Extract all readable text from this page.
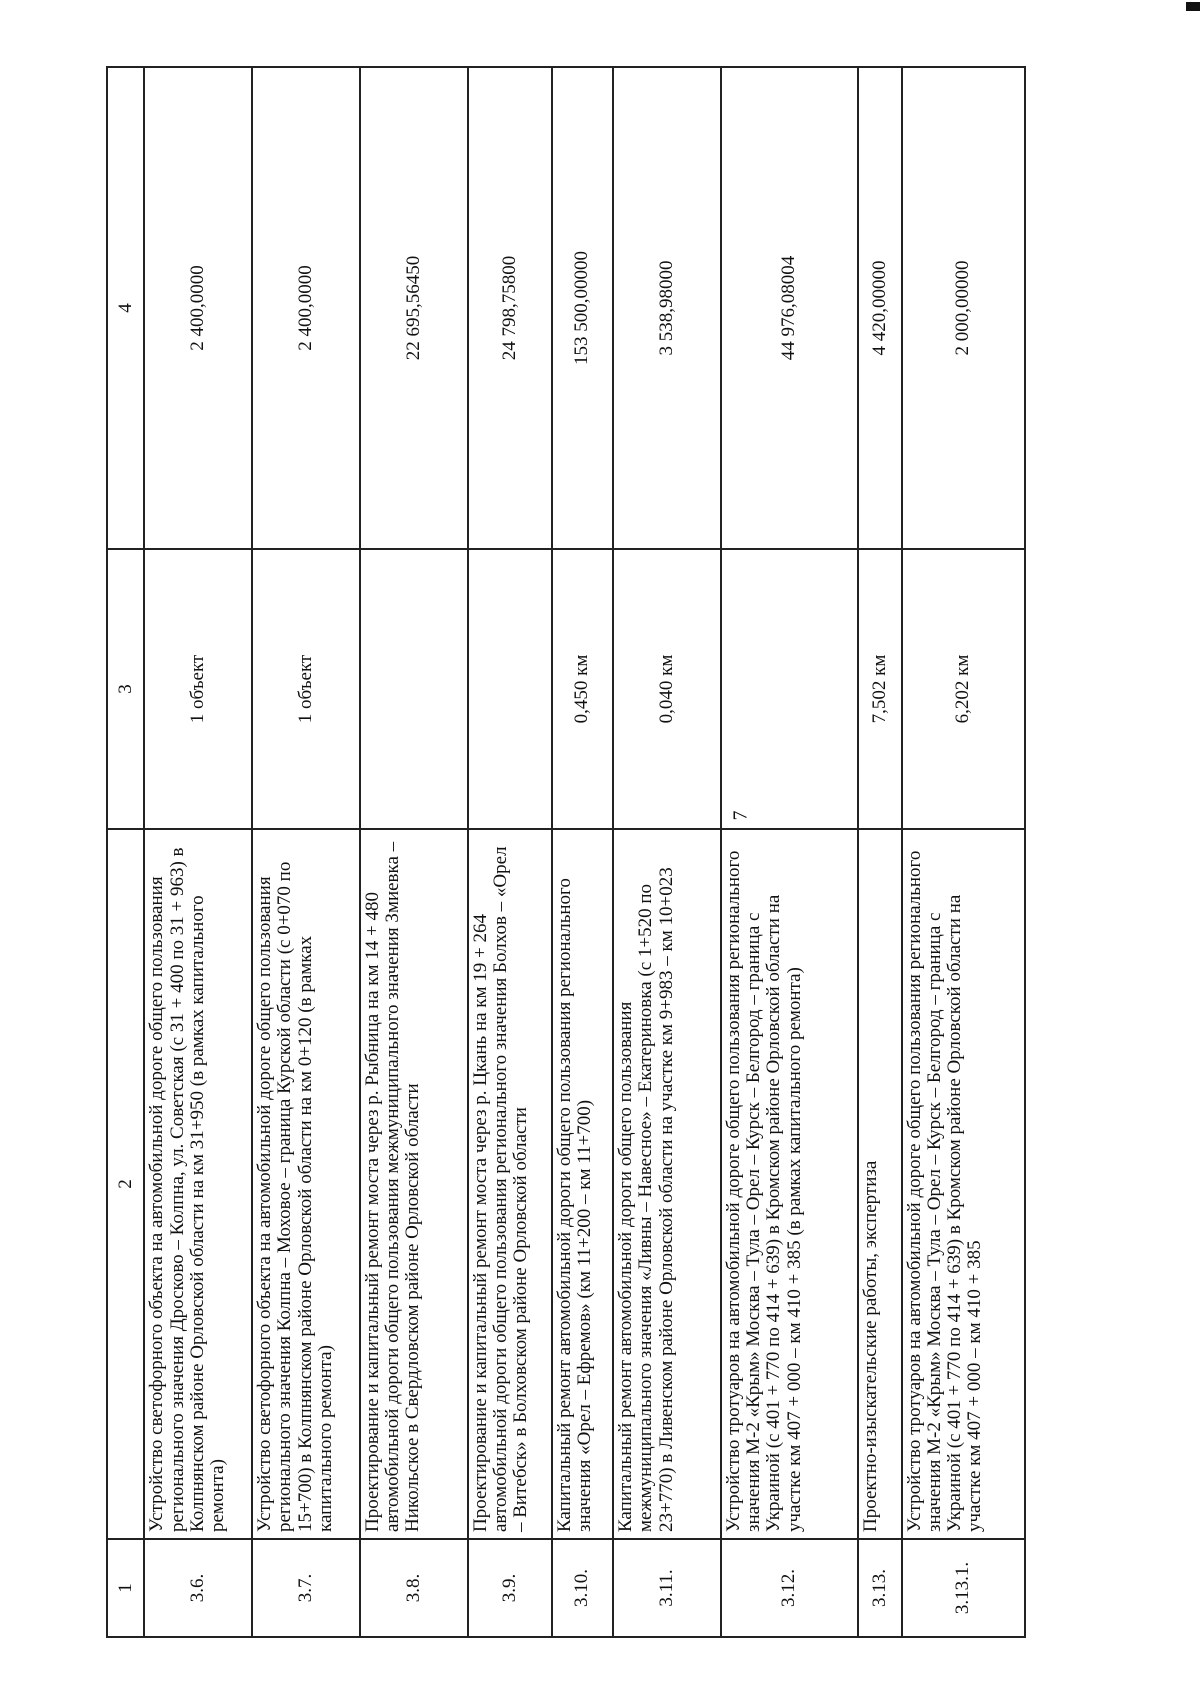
7
1	2	3	4
3.6.	Устройство светофорного объекта на автомобильной дороге общего пользования регионального значения Дросково – Колпна, ул. Советская (с 31 + 400 по 31 + 963) в Колпнянском районе Орловской области на км 31+950 (в рамках капитального ремонта)	1 объект	2 400,0000
3.7.	Устройство светофорного объекта на автомобильной дороге общего пользования регионального значения Колпна – Моховое – граница Курской области (с 0+070 по 15+700) в Колпнянском районе Орловской области на км 0+120 (в рамках капитального ремонта)	1 объект	2 400,0000
3.8.	Проектирование и капитальный ремонт моста через р. Рыбница на км 14 + 480 автомобильной дороги общего пользования межмуниципального значения Змиевка – Никольское в Свердловском районе Орловской области		22 695,56450
3.9.	Проектирование и капитальный ремонт моста через р. Цкань на км 19 + 264 автомобильной дороги общего пользования регионального значения Болхов – «Орел – Витебск» в Болховском районе Орловской области		24 798,75800
3.10.	Капитальный ремонт автомобильной дороги общего пользования регионального значения «Орел – Ефремов» (км 11+200 – км 11+700)	0,450 км	153 500,00000
3.11.	Капитальный ремонт автомобильной дороги общего пользования межмуниципального значения «Ливны – Навесное» – Екатериновка (с 1+520 по 23+770) в Ливенском районе Орловской области на участке км 9+983 – км 10+023	0,040 км	3 538,98000
3.12.	Устройство тротуаров на автомобильной дороге общего пользования регионального значения М-2 «Крым» Москва – Тула – Орел – Курск – Белгород – граница с Украиной (с 401 + 770 по 414 + 639) в Кромском районе Орловской области на участке км 407 + 000 – км 410 + 385 (в рамках капитального ремонта)		44 976,08004
3.13.	Проектно-изыскательские работы, экспертиза	7,502 км	4 420,00000
3.13.1.	Устройство тротуаров на автомобильной дороге общего пользования регионального значения М-2 «Крым» Москва – Тула – Орел – Курск – Белгород – граница с Украиной (с 401 + 770 по 414 + 639) в Кромском районе Орловской области на участке км 407 + 000 – км 410 + 385	6,202 км	2 000,00000
